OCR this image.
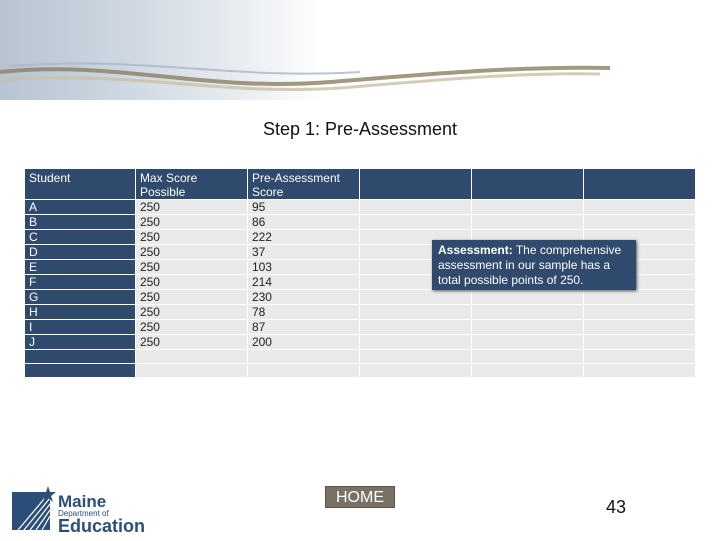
Step 1: Pre-Assessment
Student	Max Score Possible	Pre-Assessment Score			
A	250	95			
B	250	86			
C	250	222			
D	250	37			
E	250	103			
F	250	214			
G	250	230			
H	250	78			
I	250	87			
J	250	200			

Assessment: The comprehensive assessment in our sample has a total possible points of 250.
HOME	43
Maine
Department of
Education
